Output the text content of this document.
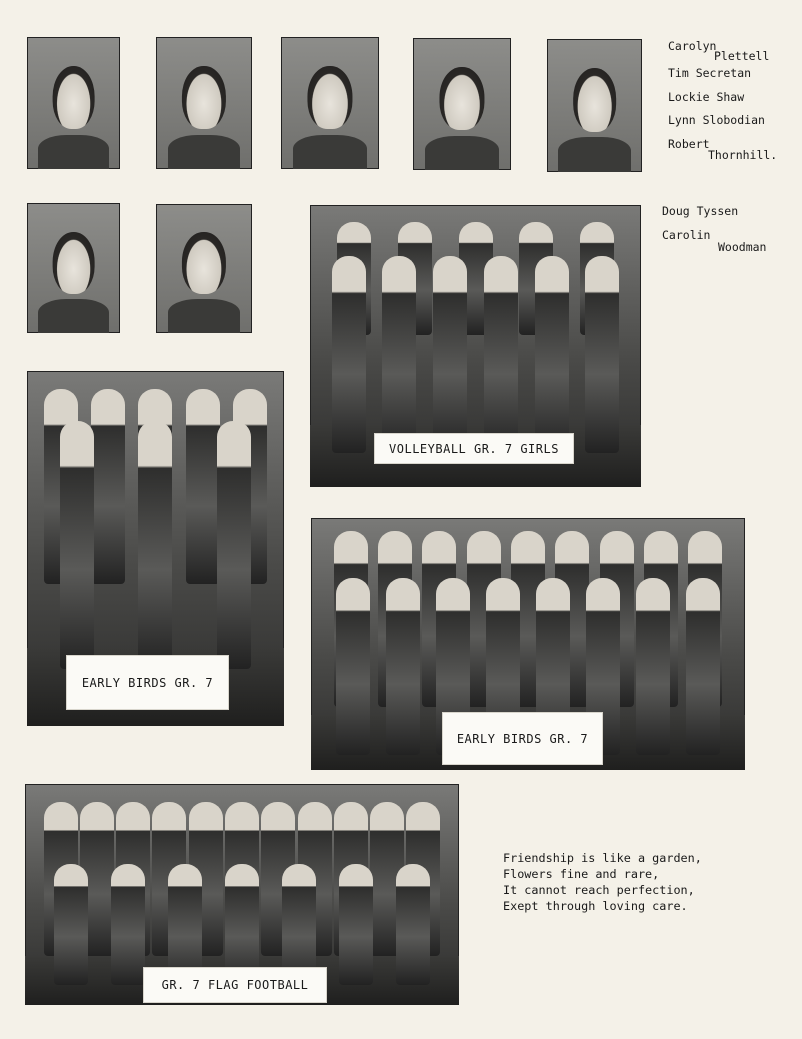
Carolyn
Plettell
Tim Secretan
Lockie Shaw
Lynn Slobodian
Robert
Thornhill.
Doug Tyssen
Carolin
Woodman
VOLLEYBALL GR. 7 GIRLS
EARLY BIRDS GR. 7
EARLY BIRDS GR. 7
GR. 7 FLAG FOOTBALL
Friendship is like a garden,
Flowers fine and rare,
It cannot reach perfection,
Exept through loving care.
